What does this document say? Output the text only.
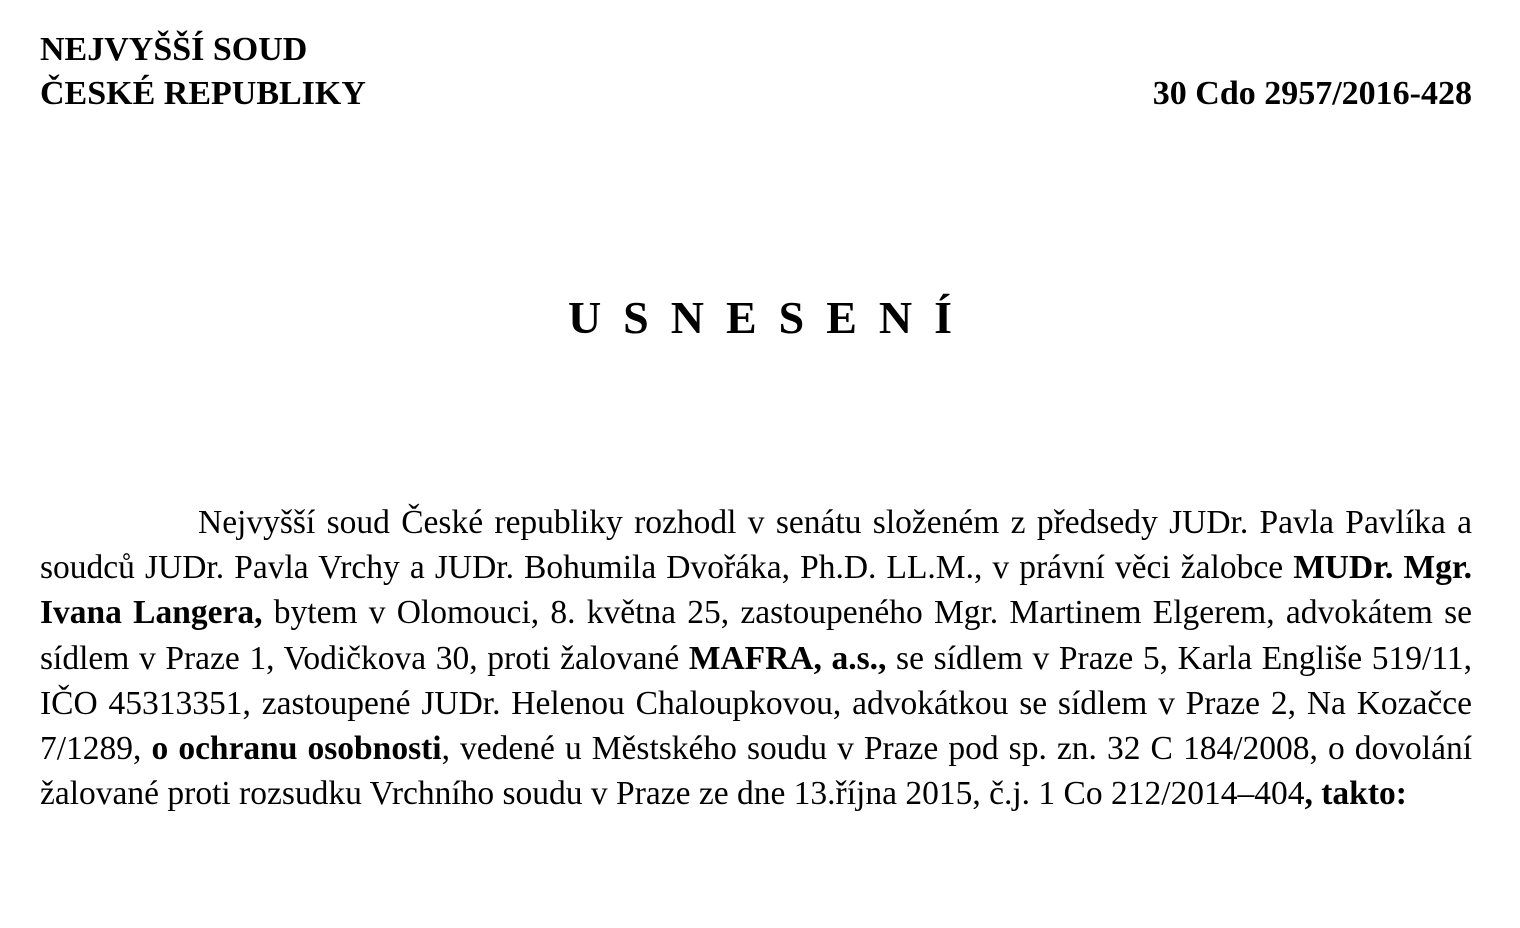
NEJVYŠŠÍ SOUD
ČESKÉ REPUBLIKY	30 Cdo 2957/2016-428
USNESENÍ

Nejvyšší soud České republiky rozhodl v senátu složeném z předsedy JUDr. Pavla Pavlíka a soudců JUDr. Pavla Vrchy a JUDr. Bohumila Dvořáka, Ph.D. LL.M., v právní věci žalobce MUDr. Mgr. Ivana Langera, bytem v Olomouci, 8. května 25, zastoupeného Mgr. Martinem Elgerem, advokátem se sídlem v Praze 1, Vodičkova 30, proti žalované MAFRA, a.s., se sídlem v Praze 5, Karla Engliše 519/11, IČO 45313351, zastoupené JUDr. Helenou Chaloupkovou, advokátkou se sídlem v Praze 2, Na Kozačce 7/1289, o ochranu osobnosti, vedené u Městského soudu v Praze pod sp. zn. 32 C 184/2008, o dovolání žalované proti rozsudku Vrchního soudu v Praze ze dne 13.října 2015, č.j. 1 Co 212/2014–404, takto:
